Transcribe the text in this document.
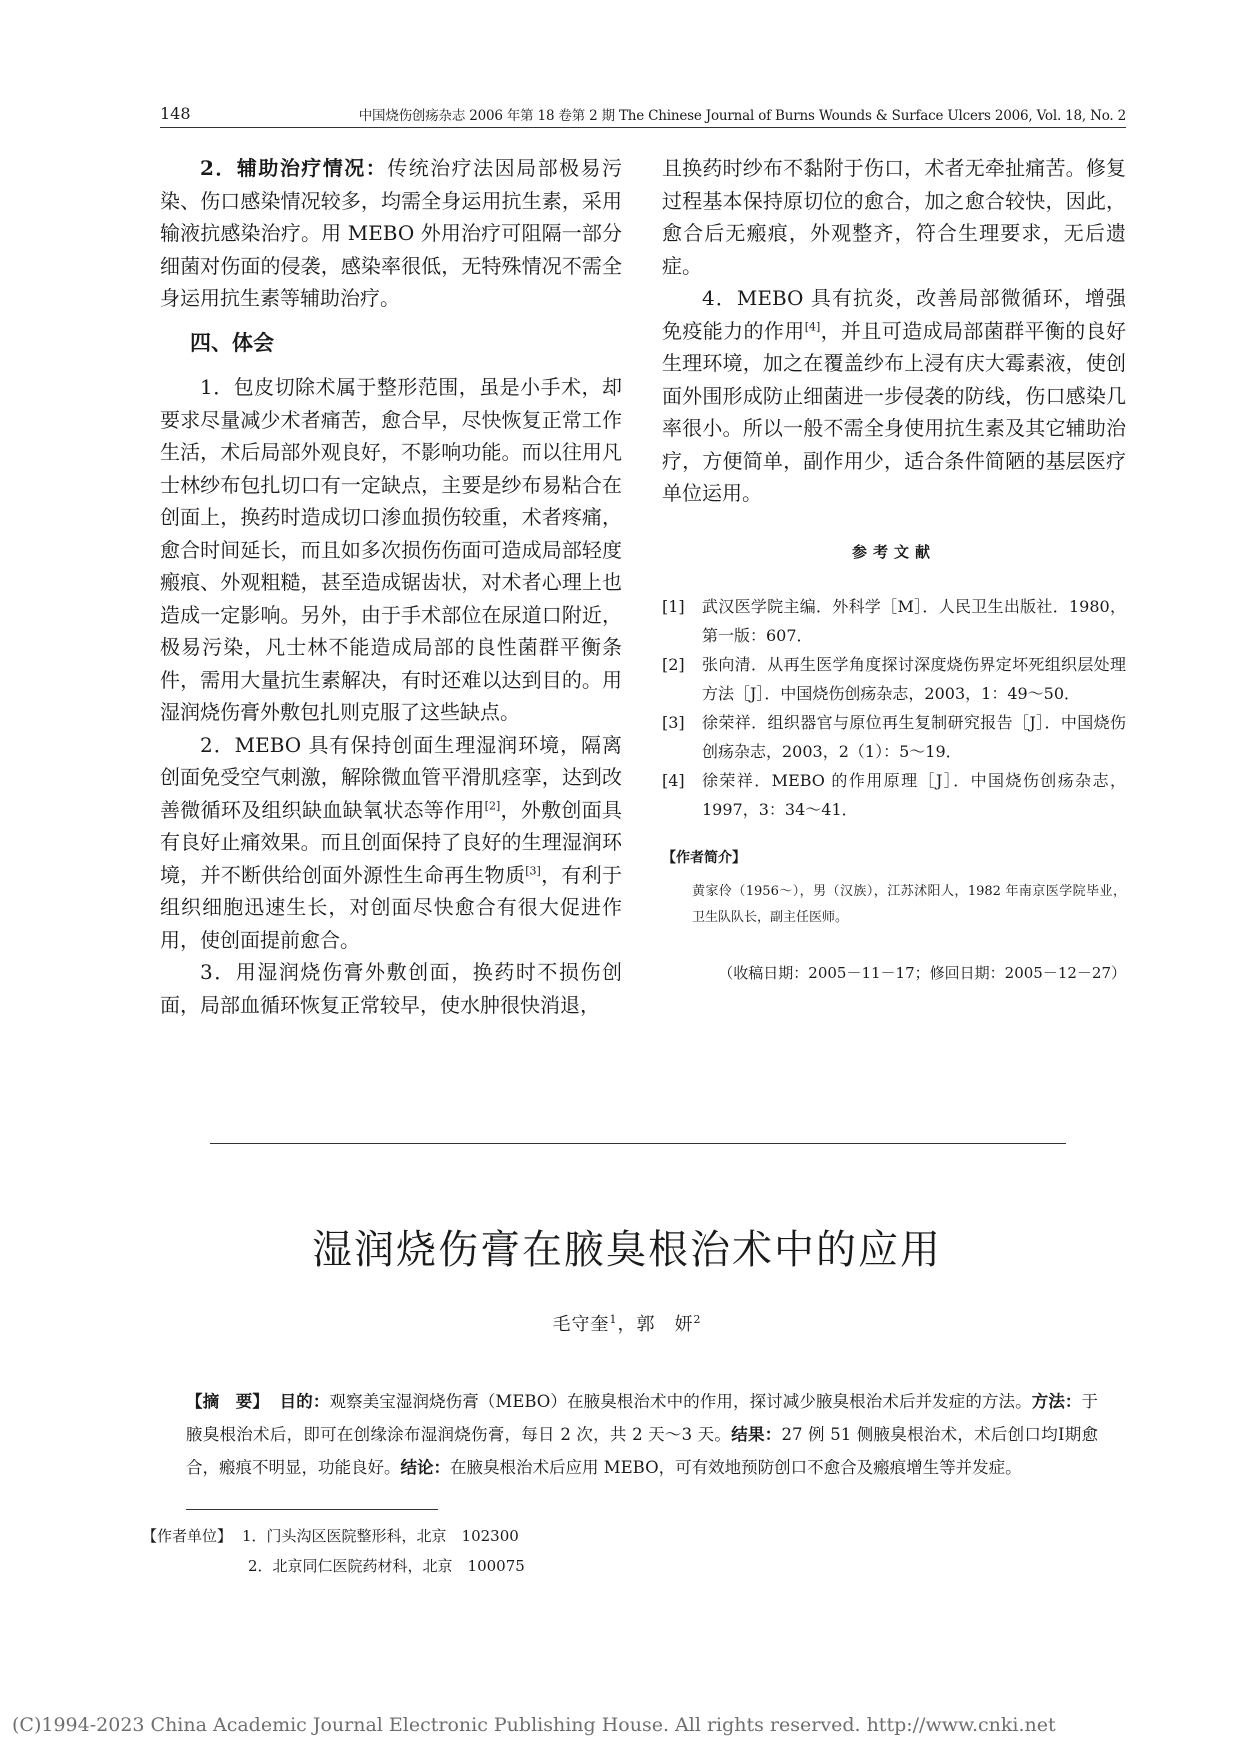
148	中国烧伤创疡杂志 2006 年第 18 卷第 2 期 The Chinese Journal of Burns Wounds & Surface Ulcers 2006, Vol. 18, No. 2

2．辅助治疗情况：传统治疗法因局部极易污染、伤口感染情况较多，均需全身运用抗生素，采用输液抗感染治疗。用 MEBO 外用治疗可阻隔一部分细菌对伤面的侵袭，感染率很低，无特殊情况不需全身运用抗生素等辅助治疗。

四、体会

1．包皮切除术属于整形范围，虽是小手术，却要求尽量减少术者痛苦，愈合早，尽快恢复正常工作生活，术后局部外观良好，不影响功能。而以往用凡士林纱布包扎切口有一定缺点，主要是纱布易粘合在创面上，换药时造成切口渗血损伤较重，术者疼痛，愈合时间延长，而且如多次损伤伤面可造成局部轻度瘢痕、外观粗糙，甚至造成锯齿状，对术者心理上也造成一定影响。另外，由于手术部位在尿道口附近，极易污染，凡士林不能造成局部的良性菌群平衡条件，需用大量抗生素解决，有时还难以达到目的。用湿润烧伤膏外敷包扎则克服了这些缺点。

2．MEBO 具有保持创面生理湿润环境，隔离创面免受空气刺激，解除微血管平滑肌痉挛，达到改善微循环及组织缺血缺氧状态等作用[2]，外敷创面具有良好止痛效果。而且创面保持了良好的生理湿润环境，并不断供给创面外源性生命再生物质[3]，有利于组织细胞迅速生长，对创面尽快愈合有很大促进作用，使创面提前愈合。

3．用湿润烧伤膏外敷创面，换药时不损伤创面，局部血循环恢复正常较早，使水肿很快消退，

且换药时纱布不黏附于伤口，术者无牵扯痛苦。修复过程基本保持原切位的愈合，加之愈合较快，因此，愈合后无瘢痕，外观整齐，符合生理要求，无后遗症。

4．MEBO 具有抗炎，改善局部微循环，增强免疫能力的作用[4]，并且可造成局部菌群平衡的良好生理环境，加之在覆盖纱布上浸有庆大霉素液，使创面外围形成防止细菌进一步侵袭的防线，伤口感染几率很小。所以一般不需全身使用抗生素及其它辅助治疗，方便简单，副作用少，适合条件简陋的基层医疗单位运用。

参考文献
[1]	武汉医学院主编．外科学［M］．人民卫生出版社．1980，第一版：607．
[2]	张向清．从再生医学角度探讨深度烧伤界定坏死组织层处理方法［J］．中国烧伤创疡杂志，2003，1：49～50．
[3]	徐荣祥．组织器官与原位再生复制研究报告［J］．中国烧伤创疡杂志，2003，2（1）：5～19．
[4]	徐荣祥．MEBO 的作用原理［J］．中国烧伤创疡杂志，1997，3：34～41．
【作者简介】
黄家伶（1956～），男（汉族），江苏沭阳人，1982 年南京医学院毕业，卫生队队长，副主任医师。
（收稿日期：2005－11－17；修回日期：2005－12－27）
湿润烧伤膏在腋臭根治术中的应用
毛守奎$^1$，郭　妍$^2$
【摘　要】 目的：观察美宝湿润烧伤膏（MEBO）在腋臭根治术中的作用，探讨减少腋臭根治术后并发症的方法。方法：于腋臭根治术后，即可在创缘涂布湿润烧伤膏，每日 2 次，共 2 天～3 天。结果：27 例 51 侧腋臭根治术，术后创口均Ⅰ期愈合，瘢痕不明显，功能良好。结论：在腋臭根治术后应用 MEBO，可有效地预防创口不愈合及瘢痕增生等并发症。
【作者单位】 1．门头沟区医院整形科，北京　102300
2．北京同仁医院药材科，北京　100075
(C)1994-2023 China Academic Journal Electronic Publishing House. All rights reserved. http://www.cnki.net
